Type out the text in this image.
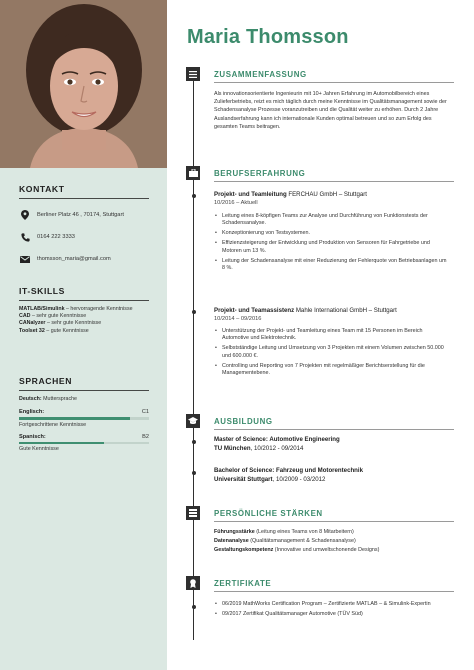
KONTAKT
Berliner Platz 46 , 70174, Stuttgart
0164 222 3333
thomsson_maria@gmail.com
IT-SKILLS
MATLAB/Simulink – hervorragende Kenntnisse
CAD – sehr gute Kenntnisse
CANalyzer – sehr gute Kenntnisse
Toolset 32 – gute Kenntnisse
SPRACHEN
Deutsch: Muttersprache
Englisch:	C1
Fortgeschrittene Kenntnisse
Spanisch:	B2
Gute Kenntnisse
Maria Thomsson
ZUSAMMENFASSUNG
Als innovationsorientierte Ingenieurin mit 10+ Jahren Erfahrung im Automobilbereich eines Zulieferbetriebs, reizt es mich täglich durch meine Kenntnisse im Qualitätsmanagement sowie der Schadensanalyse Prozesse voranzutreiben und die Qualität weiter zu erhöhen. Durch 2 Jahre Auslandserfahrung kann ich internationale Kunden optimal betreuen und so zum Erfolg des gesamten Teams beitragen.
BERUFSERFAHRUNG
Projekt- und Teamleitung FERCHAU GmbH – Stuttgart
10/2016 – Aktuell
• Leitung eines 8-köpfigen Teams zur Analyse und Durchführung von Funktionstests der Schadensanalyse.
• Konzeptionierung von Testsystemen.
• Effizienzsteigerung der Entwicklung und Produktion von Sensoren für Fahrgetriebe und Motoren um 13 %.
• Leitung der Schadensanalyse mit einer Reduzierung der Fehlerquote von Betriebsanlagen um 8 %.
Projekt- und Teamassistenz Mahle International GmbH – Stuttgart
10/2014 – 09/2016
• Unterstützung der Projekt- und Teamleitung eines Team mit 15 Personen im Bereich Automotive und Elektrotechnik.
• Selbstständige Leitung und Umsetzung von 3 Projekten mit einem Volumen zwischen 50.000 und 600.000 €.
• Controlling und Reporting von 7 Projekten mit regelmäßiger Berichtserstellung für die Managementebene.
AUSBILDUNG
Master of Science: Automotive Engineering
TU München, 10/2012 - 09/2014
Bachelor of Science: Fahrzeug und Motorentechnik
Universität Stuttgart, 10/2009 - 03/2012
PERSÖNLICHE STÄRKEN
Führungsstärke (Leitung eines Teams von 8 Mitarbeitern)
Datenanalyse (Qualitätsmanagement & Schadensanalyse)
Gestaltungskompetenz (Innovative und umweltschonende Designs)
ZERTIFIKATE
• 06/2019 MathWorks Certification Program – Zertifizierte MATLAB – & Simulink-Expertin
• 09/2017 Zertifikat Qualitätsmanager Automotive (TÜV Süd)
